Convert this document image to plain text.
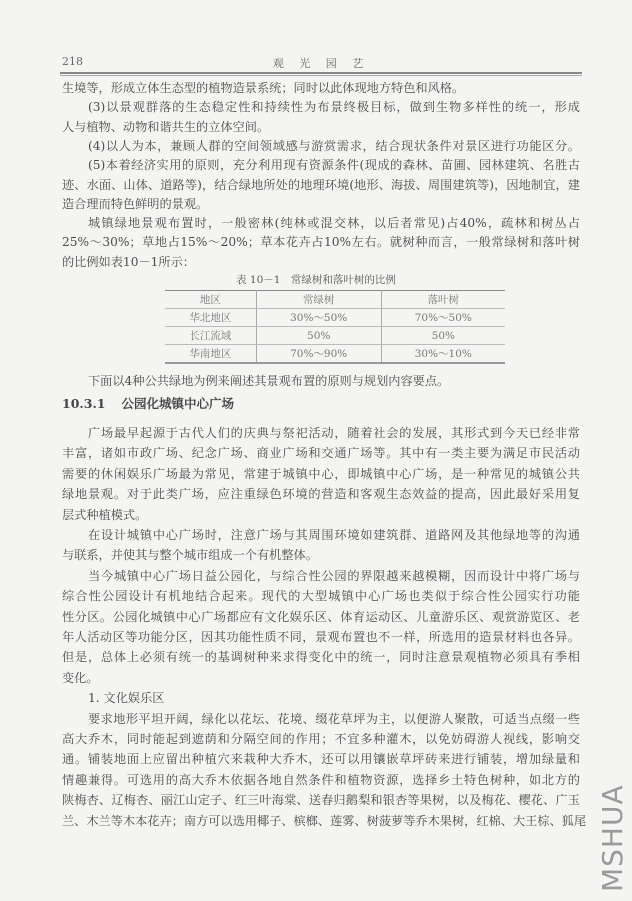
218	观 光 园 艺
生境等，形成立体生态型的植物造景系统；同时以此体现地方特色和风格。
(3)以景观群落的生态稳定性和持续性为布景终极目标，做到生物多样性的统一，形成
人与植物、动物和谐共生的立体空间。
(4)以人为本，兼顾人群的空间领域感与游赏需求，结合现状条件对景区进行功能区分。
(5)本着经济实用的原则，充分利用现有资源条件(现成的森林、苗圃、园林建筑、名胜古
迹、水面、山体、道路等)，结合绿地所处的地理环境(地形、海拔、周围建筑等)，因地制宜，建
造合理而特色鲜明的景观。
城镇绿地景观布置时，一般密林(纯林或混交林，以后者常见)占40%，疏林和树丛占
25%～30%；草地占15%～20%；草本花卉占10%左右。就树种而言，一般常绿树和落叶树
的比例如表10－1所示：
表 10－1　常绿树和落叶树的比例
地区	常绿树	落叶树
华北地区	30%～50%	70%～50%
长江流域	50%	50%
华南地区	70%～90%	30%～10%
下面以4种公共绿地为例来阐述其景观布置的原则与规划内容要点。
10.3.1 公园化城镇中心广场
广场最早起源于古代人们的庆典与祭祀活动，随着社会的发展，其形式到今天已经非常
丰富，诸如市政广场、纪念广场、商业广场和交通广场等。其中有一类主要为满足市民活动
需要的休闲娱乐广场最为常见，常建于城镇中心，即城镇中心广场，是一种常见的城镇公共
绿地景观。对于此类广场，应注重绿色环境的营造和客观生态效益的提高，因此最好采用复
层式种植模式。
在设计城镇中心广场时，注意广场与其周围环境如建筑群、道路网及其他绿地等的沟通
与联系，并使其与整个城市组成一个有机整体。
当今城镇中心广场日益公园化，与综合性公园的界限越来越模糊，因而设计中将广场与
综合性公园设计有机地结合起来。现代的大型城镇中心广场也类似于综合性公园实行功能
性分区。公园化城镇中心广场都应有文化娱乐区、体育运动区、儿童游乐区、观赏游览区、老
年人活动区等功能分区，因其功能性质不同，景观布置也不一样，所选用的造景材料也各异。
但是，总体上必须有统一的基调树种来求得变化中的统一，同时注意景观植物必须具有季相
变化。
1. 文化娱乐区
要求地形平坦开阔，绿化以花坛、花境、缀花草坪为主，以便游人聚散，可适当点缀一些
高大乔木，同时能起到遮荫和分隔空间的作用；不宜多种灌木，以免妨碍游人视线，影响交
通。铺装地面上应留出种植穴来栽种大乔木，还可以用镶嵌草坪砖来进行铺装，增加绿量和
情趣兼得。可选用的高大乔木依据各地自然条件和植物资源，选择乡土特色树种，如北方的
陕梅杏、辽梅杏、丽江山定子、红三叶海棠、送春归鹅梨和银杏等果树，以及梅花、樱花、广玉
兰、木兰等木本花卉；南方可以选用椰子、槟榔、莲雾、树菠萝等乔木果树，红棉、大王棕、狐尾 MSHUA
